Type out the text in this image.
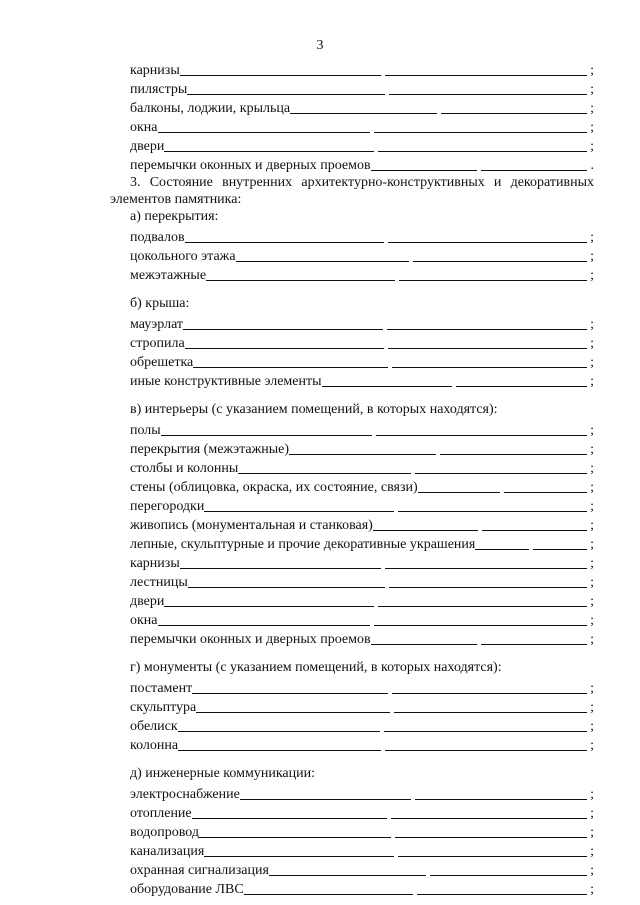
3
карнизы	;
пилястры	;
балконы, лоджии, крыльца	;
окна	;
двери	;
перемычки оконных и дверных проемов	.
3. Состояние внутренних архитектурно-конструктивных и декоративных элементов памятника:
а) перекрытия:
подвалов	;
цокольного этажа	;
межэтажные	;
б) крыша:
мауэрлат	;
стропила	;
обрешетка	;
иные конструктивные элементы	;
в) интерьеры (с указанием помещений, в которых находятся):
полы	;
перекрытия (межэтажные)	;
столбы и колонны	;
стены (облицовка, окраска, их состояние, связи)	;
перегородки	;
живопись (монументальная и станковая)	;
лепные, скульптурные и прочие декоративные украшения	;
карнизы	;
лестницы	;
двери	;
окна	;
перемычки оконных и дверных проемов	;
г) монументы (с указанием помещений, в которых находятся):
постамент	;
скульптура	;
обелиск	;
колонна	;
д) инженерные коммуникации:
электроснабжение	;
отопление	;
водопровод	;
канализация	;
охранная сигнализация	;
оборудование ЛВС	;
